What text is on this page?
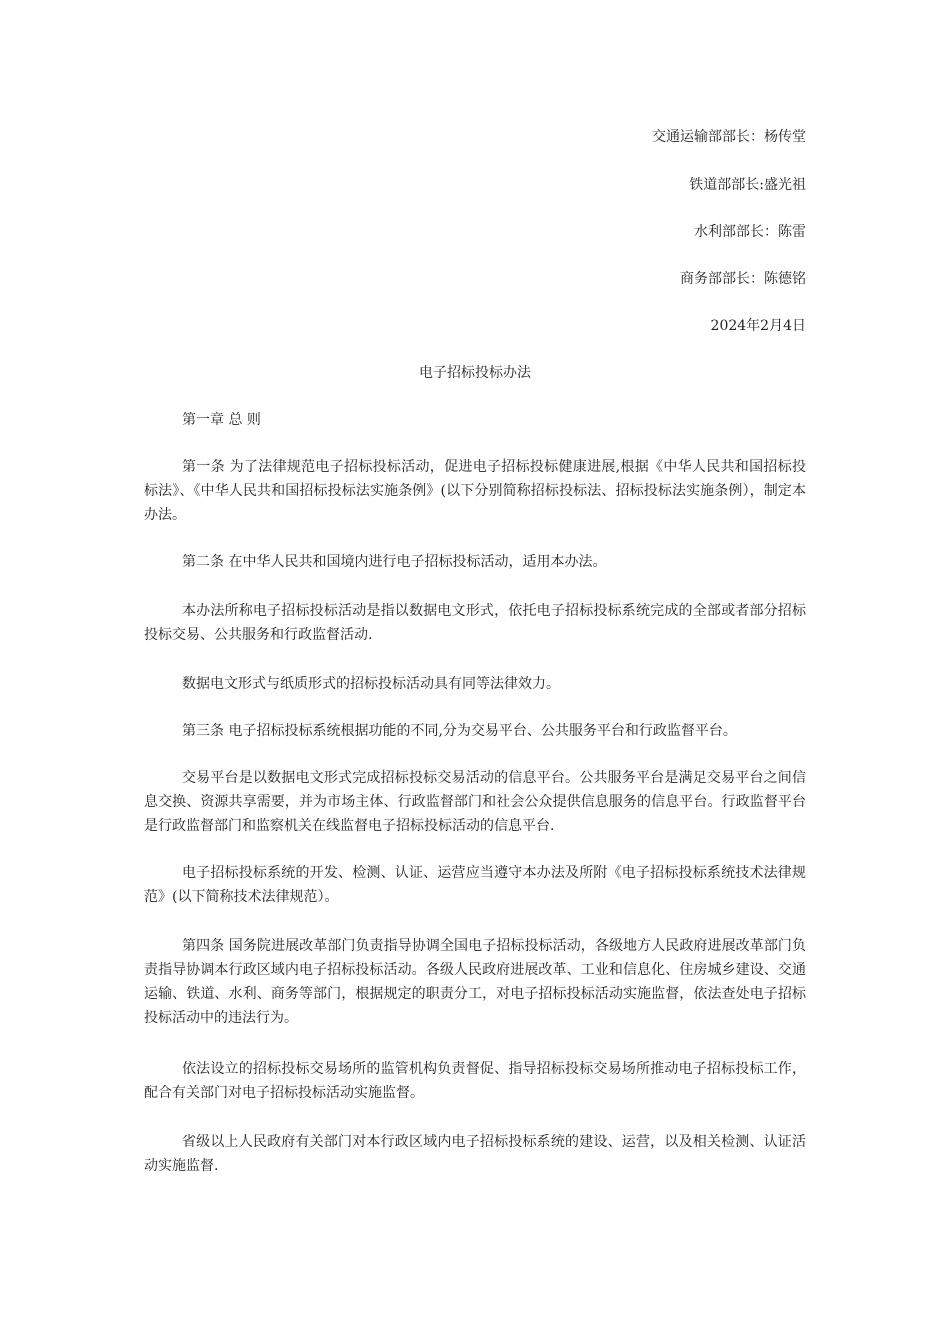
交通运输部部长：杨传堂
铁道部部长:盛光祖
水利部部长：陈雷
商务部部长：陈德铭
2024年2月4日
电子招标投标办法
第一章 总 则
第一条 为了法律规范电子招标投标活动，促进电子招标投标健康进展,根据《中华人民共和国招标投标法》、《中华人民共和国招标投标法实施条例》(以下分别简称招标投标法、招标投标法实施条例），制定本办法。
第二条 在中华人民共和国境内进行电子招标投标活动，适用本办法。
本办法所称电子招标投标活动是指以数据电文形式，依托电子招标投标系统完成的全部或者部分招标投标交易、公共服务和行政监督活动.
数据电文形式与纸质形式的招标投标活动具有同等法律效力。
第三条 电子招标投标系统根据功能的不同,分为交易平台、公共服务平台和行政监督平台。
交易平台是以数据电文形式完成招标投标交易活动的信息平台。公共服务平台是满足交易平台之间信息交换、资源共享需要，并为市场主体、行政监督部门和社会公众提供信息服务的信息平台。行政监督平台是行政监督部门和监察机关在线监督电子招标投标活动的信息平台.
电子招标投标系统的开发、检测、认证、运营应当遵守本办法及所附《电子招标投标系统技术法律规范》(以下简称技术法律规范）。
第四条 国务院进展改革部门负责指导协调全国电子招标投标活动，各级地方人民政府进展改革部门负责指导协调本行政区域内电子招标投标活动。各级人民政府进展改革、工业和信息化、住房城乡建设、交通运输、铁道、水利、商务等部门，根据规定的职责分工，对电子招标投标活动实施监督，依法查处电子招标投标活动中的违法行为。
依法设立的招标投标交易场所的监管机构负责督促、指导招标投标交易场所推动电子招标投标工作，配合有关部门对电子招标投标活动实施监督。
省级以上人民政府有关部门对本行政区域内电子招标投标系统的建设、运营，以及相关检测、认证活动实施监督.
